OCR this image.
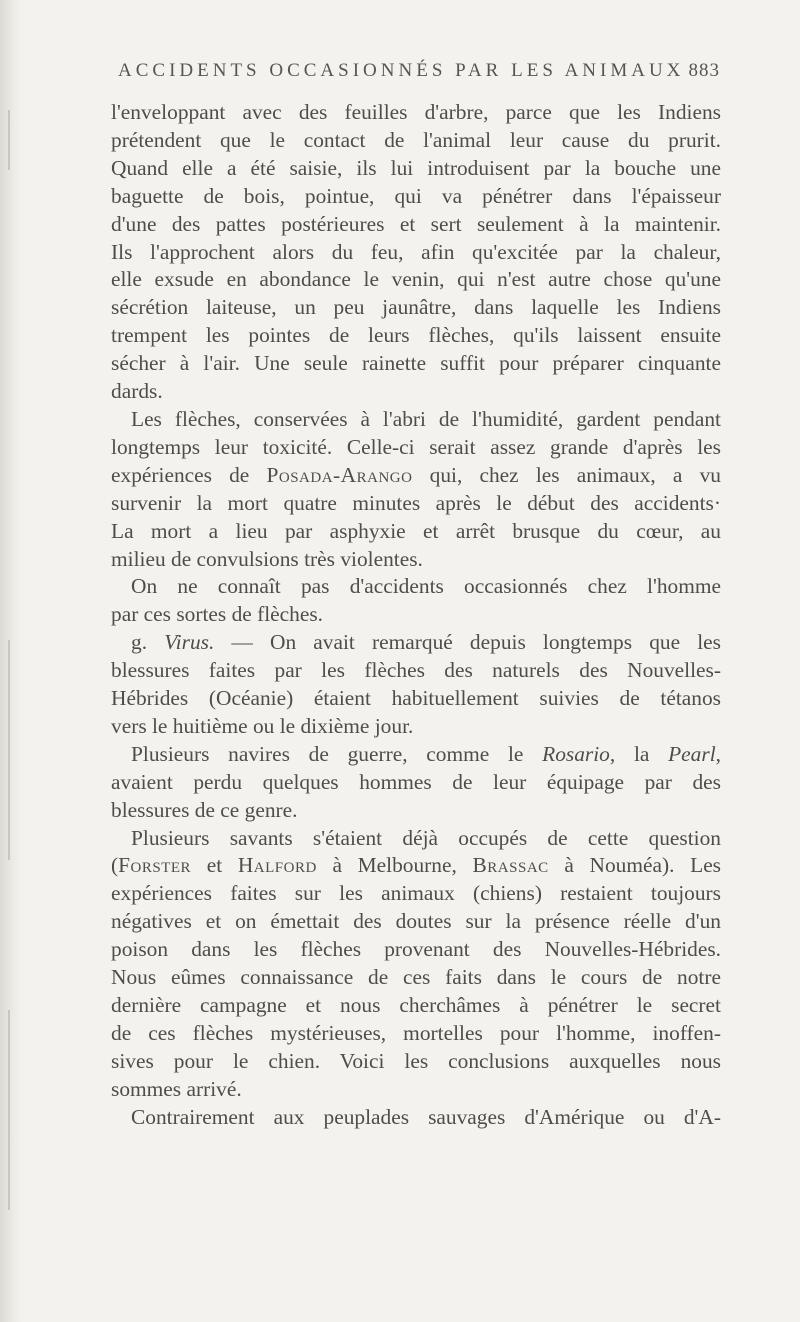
ACCIDENTS OCCASIONNÉS PAR LES ANIMAUX 883

l'enveloppant avec des feuilles d'arbre, parce que les Indiens

prétendent que le contact de l'animal leur cause du prurit.

Quand elle a été saisie, ils lui introduisent par la bouche une

baguette de bois, pointue, qui va pénétrer dans l'épaisseur

d'une des pattes postérieures et sert seulement à la maintenir.

Ils l'approchent alors du feu, afin qu'excitée par la chaleur,

elle exsude en abondance le venin, qui n'est autre chose qu'une

sécrétion laiteuse, un peu jaunâtre, dans laquelle les Indiens

trempent les pointes de leurs flèches, qu'ils laissent ensuite

sécher à l'air. Une seule rainette suffit pour préparer cinquante

dards.

Les flèches, conservées à l'abri de l'humidité, gardent pendant

longtemps leur toxicité. Celle-ci serait assez grande d'après les

expériences de Posada-Arango qui, chez les animaux, a vu

survenir la mort quatre minutes après le début des accidents·

La mort a lieu par asphyxie et arrêt brusque du cœur, au

milieu de convulsions très violentes.

On ne connaît pas d'accidents occasionnés chez l'homme

par ces sortes de flèches.

g. Virus. — On avait remarqué depuis longtemps que les

blessures faites par les flèches des naturels des Nouvelles-

Hébrides (Océanie) étaient habituellement suivies de tétanos

vers le huitième ou le dixième jour.

Plusieurs navires de guerre, comme le Rosario, la Pearl,

avaient perdu quelques hommes de leur équipage par des

blessures de ce genre.

Plusieurs savants s'étaient déjà occupés de cette question

(Forster et Halford à Melbourne, Brassac à Nouméa). Les

expériences faites sur les animaux (chiens) restaient toujours

négatives et on émettait des doutes sur la présence réelle d'un

poison dans les flèches provenant des Nouvelles-Hébrides.

Nous eûmes connaissance de ces faits dans le cours de notre

dernière campagne et nous cherchâmes à pénétrer le secret

de ces flèches mystérieuses, mortelles pour l'homme, inoffen-

sives pour le chien. Voici les conclusions auxquelles nous

sommes arrivé.

Contrairement aux peuplades sauvages d'Amérique ou d'A-
